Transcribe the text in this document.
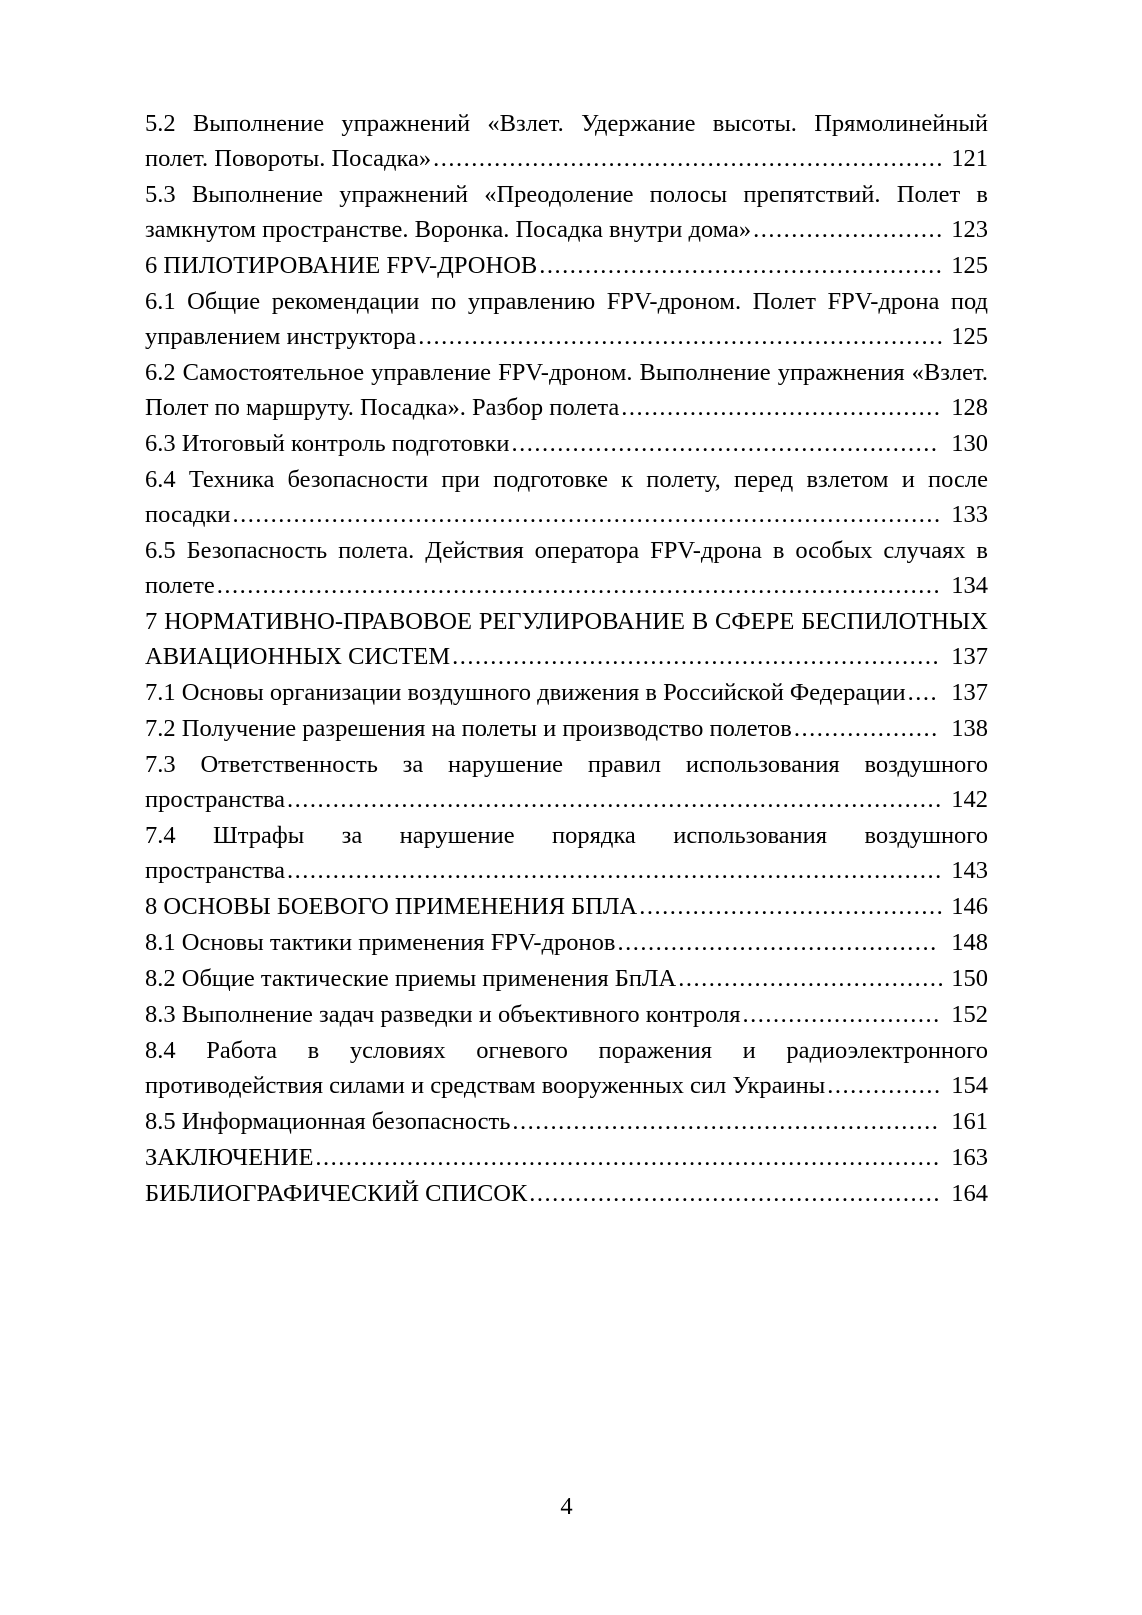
5.2 Выполнение упражнений «Взлет. Удержание высоты. Прямолинейный полет. Повороты. Посадка»................................................................... 121

5.3 Выполнение упражнений «Преодоление полосы препятствий. Полет в замкнутом пространстве. Воронка. Посадка внутри дома»......................... 123

6 ПИЛОТИРОВАНИЕ FPV-ДРОНОВ..................................................... 125

6.1 Общие рекомендации по управлению FPV-дроном. Полет FPV-дрона под управлением инструктора..................................................................... 125

6.2 Самостоятельное управление FPV-дроном. Выполнение упражнения «Взлет. Полет по маршруту. Посадка». Разбор полета.......................................... 128

6.3 Итоговый контроль подготовки........................................................ 130

6.4 Техника безопасности при подготовке к полету, перед взлетом и после посадки............................................................................................. 133

6.5 Безопасность полета. Действия оператора FPV-дрона в особых случаях в полете............................................................................................... 134

7 НОРМАТИВНО-ПРАВОВОЕ РЕГУЛИРОВАНИЕ В СФЕРЕ БЕСПИЛОТНЫХ АВИАЦИОННЫХ СИСТЕМ................................................................ 137

7.1 Основы организации воздушного движения в Российской Федерации.... 137

7.2 Получение разрешения на полеты и производство полетов................... 138

7.3 Ответственность за нарушение правил использования воздушного пространства...................................................................................... 142

7.4 Штрафы за нарушение порядка использования воздушного пространства...................................................................................... 143

8 ОСНОВЫ БОЕВОГО ПРИМЕНЕНИЯ БПЛА........................................ 146

8.1 Основы тактики применения FPV-дронов.......................................... 148

8.2 Общие тактические приемы применения БпЛА................................... 150

8.3 Выполнение задач разведки и объективного контроля.......................... 152

8.4 Работа в условиях огневого поражения и радиоэлектронного противодействия силами и средствам вооруженных сил Украины............... 154

8.5 Информационная безопасность........................................................ 161

ЗАКЛЮЧЕНИЕ.................................................................................. 163

БИБЛИОГРАФИЧЕСКИЙ СПИСОК...................................................... 164

4
